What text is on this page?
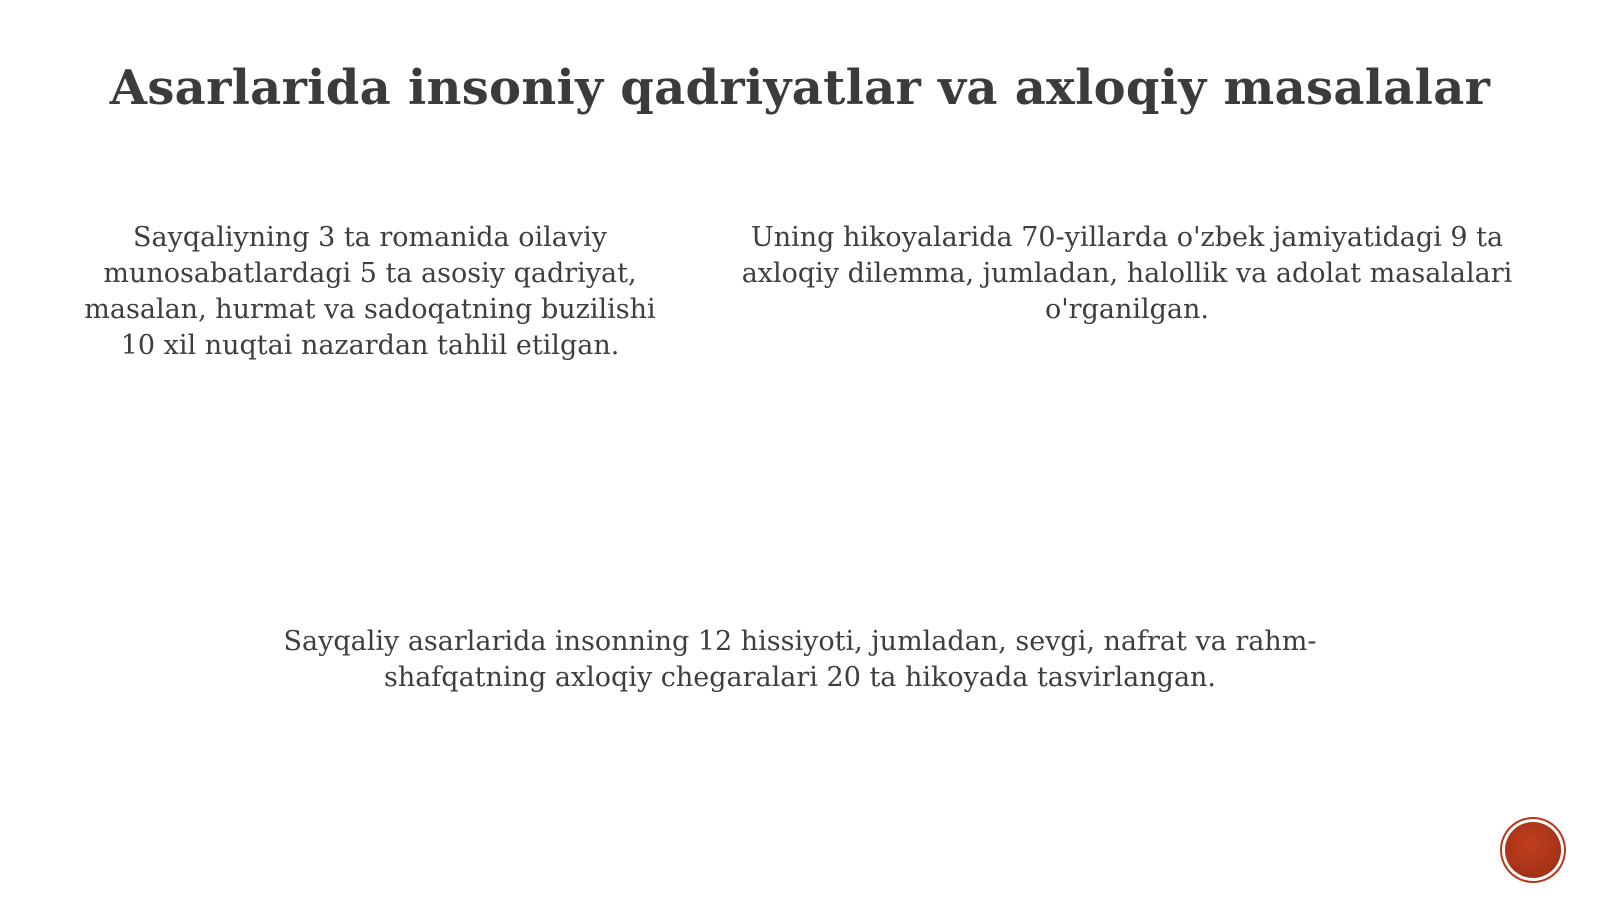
Asarlarida insoniy qadriyatlar va axloqiy masalalar

Sayqaliyning 3 ta romanida oilaviy munosabatlardagi 5 ta asosiy qadriyat, masalan, hurmat va sadoqatning buzilishi 10 xil nuqtai nazardan tahlil etilgan.

Uning hikoyalarida 70-yillarda o'zbek jamiyatidagi 9 ta axloqiy dilemma, jumladan, halollik va adolat masalalari o'rganilgan.

Sayqaliy asarlarida insonning 12 hissiyoti, jumladan, sevgi, nafrat va rahm-shafqatning axloqiy chegaralari 20 ta hikoyada tasvirlangan.
